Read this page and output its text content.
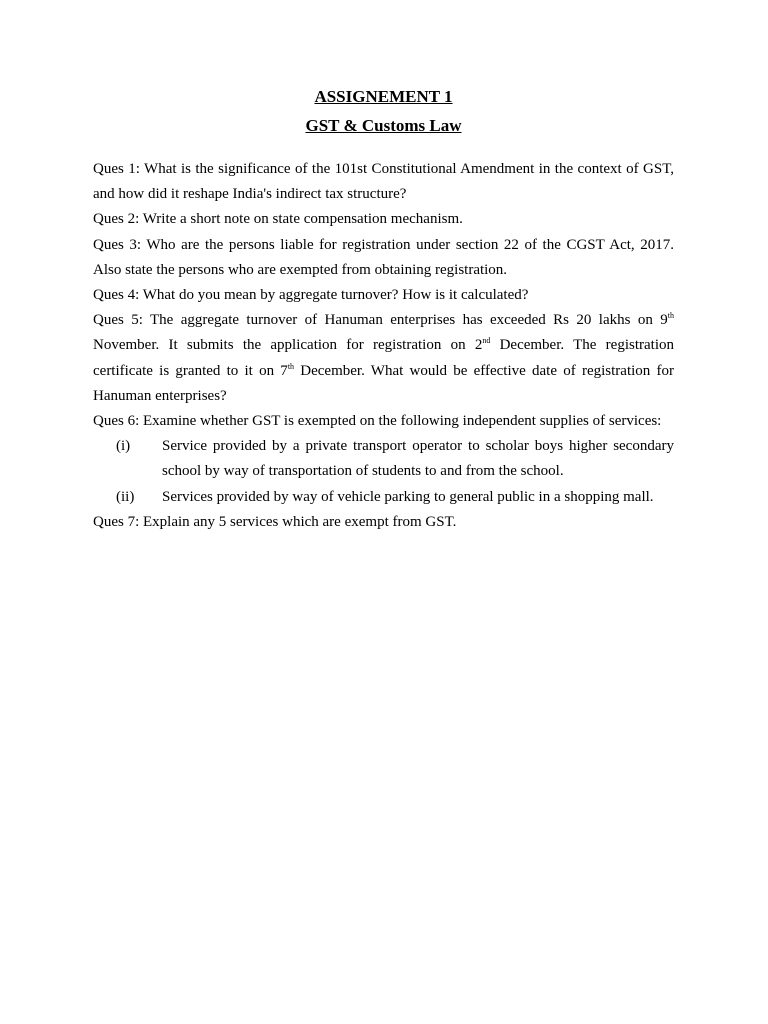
ASSIGNEMENT 1
GST & Customs Law

Ques 1: What is the significance of the 101st Constitutional Amendment in the context of GST, and how did it reshape India's indirect tax structure?

Ques 2: Write a short note on state compensation mechanism.

Ques 3: Who are the persons liable for registration under section 22 of the CGST Act, 2017. Also state the persons who are exempted from obtaining registration.

Ques 4: What do you mean by aggregate turnover? How is it calculated?

Ques 5: The aggregate turnover of Hanuman enterprises has exceeded Rs 20 lakhs on 9th November. It submits the application for registration on 2nd December. The registration certificate is granted to it on 7th December. What would be effective date of registration for Hanuman enterprises?

Ques 6: Examine whether GST is exempted on the following independent supplies of services:

(i)	Service provided by a private transport operator to scholar boys higher secondary school by way of transportation of students to and from the school.
(ii)	Services provided by way of vehicle parking to general public in a shopping mall.

Ques 7: Explain any 5 services which are exempt from GST.
